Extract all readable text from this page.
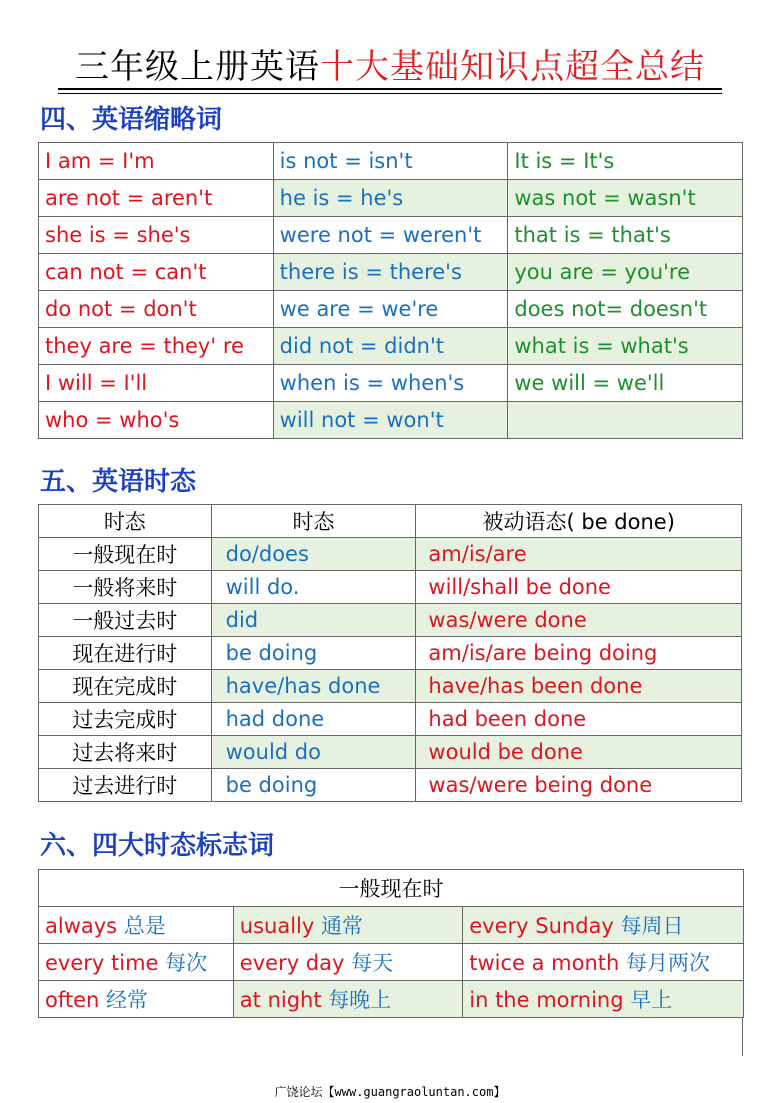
三年级上册英语十大基础知识点超全总结
四、英语缩略词
I am = I'm	is not = isn't	It is = It's
are not = aren't	he is = he's	was not = wasn't
she is = she's	were not = weren't	that is = that's
can not = can't	there is = there's	you are = you're
do not = don't	we are = we're	does not= doesn't
they are = they' re	did not = didn't	what is = what's
I will = I'll	when is = when's	we will = we'll
who = who's	will not = won't	
五、英语时态
时态	时态	被动语态( be done)
一般现在时	do/does	am/is/are
一般将来时	will do.	will/shall be done
一般过去时	did	was/were done
现在进行时	be doing	am/is/are being doing
现在完成时	have/has done	have/has been done
过去完成时	had done	had been done
过去将来时	would do	would be done
过去进行时	be doing	was/were being done
六、四大时态标志词
一般现在时		
always 总是	usually 通常	every Sunday 每周日
every time 每次	every day 每天	twice a month 每月两次
often 经常	at night 每晚上	in the morning 早上
广饶论坛【www.guangraoluntan.com】
